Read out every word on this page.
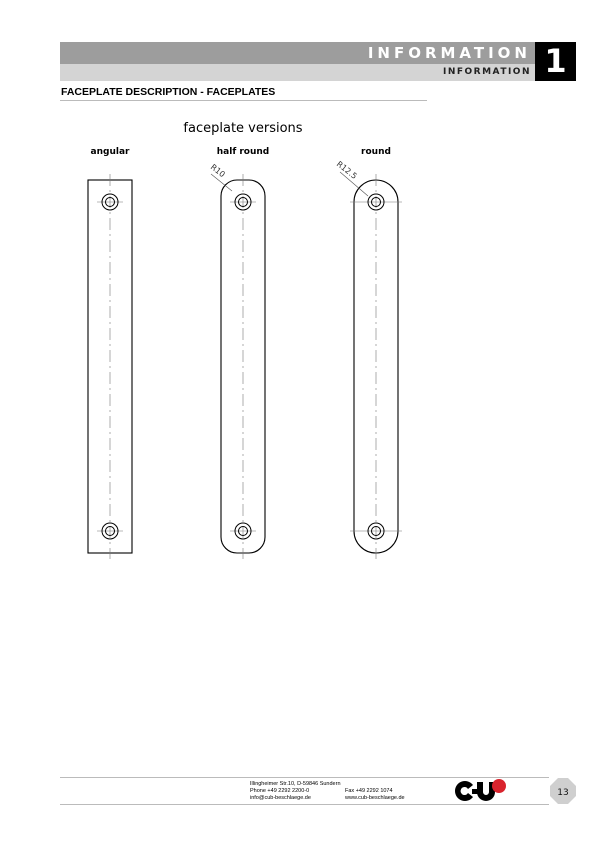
INFORMATION
INFORMATION 1
FACEPLATE DESCRIPTION - FACEPLATES
faceplate versions
angular	half round	round
R10	R12.5
Illingheimer Str.10, D-59846 Sundern
Phone +49 2292 2200-0
info@cub-beschlaege.de
Fax +49 2292 1074
www.cub-beschlaege.de	13
